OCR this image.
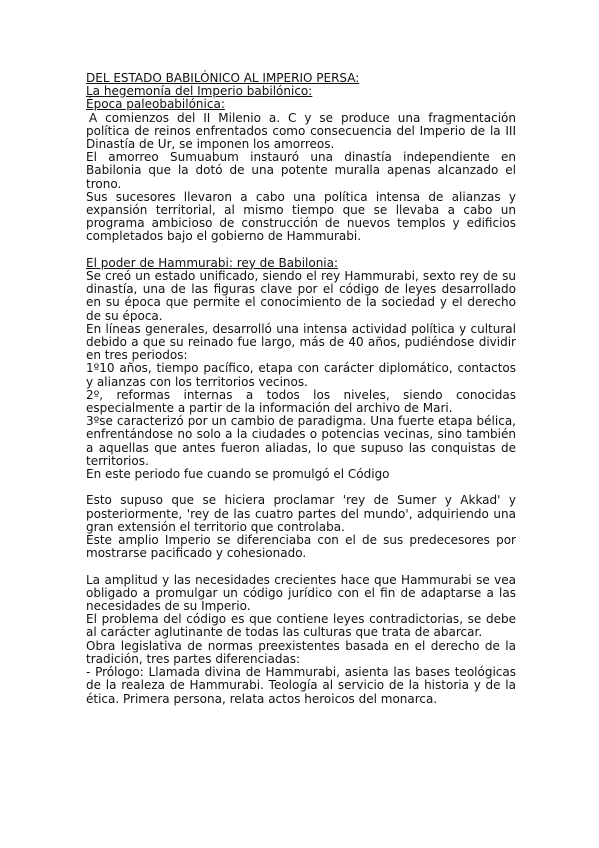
DEL ESTADO BABILÓNICO AL IMPERIO PERSA:
La hegemonía del Imperio babilónico:
Época paleobabilónica:

A comienzos del II Milenio a. C y se produce una fragmentación política de reinos enfrentados como consecuencia del Imperio de la III Dinastía de Ur, se imponen los amorreos.

El amorreo Sumuabum instauró una dinastía independiente en Babilonia que la dotó de una potente muralla apenas alcanzado el trono.

Sus sucesores llevaron a cabo una política intensa de alianzas y expansión territorial, al mismo tiempo que se llevaba a cabo un programa ambicioso de construcción de nuevos templos y edificios completados bajo el gobierno de Hammurabi.

El poder de Hammurabi: rey de Babilonia:

Se creó un estado unificado, siendo el rey Hammurabi, sexto rey de su dinastía, una de las figuras clave por el código de leyes desarrollado en su época que permite el conocimiento de la sociedad y el derecho de su época.

En líneas generales, desarrolló una intensa actividad política y cultural debido a que su reinado fue largo, más de 40 años, pudiéndose dividir en tres periodos:

1º10 años, tiempo pacífico, etapa con carácter diplomático, contactos y alianzas con los territorios vecinos.

2º, reformas internas a todos los niveles, siendo conocidas especialmente a partir de la información del archivo de Mari.

3ºse caracterizó por un cambio de paradigma. Una fuerte etapa bélica, enfrentándose no solo a la ciudades o potencias vecinas, sino también a aquellas que antes fueron aliadas, lo que supuso las conquistas de territorios.

En este periodo fue cuando se promulgó el Código

Esto supuso que se hiciera proclamar 'rey de Sumer y Akkad' y posteriormente, 'rey de las cuatro partes del mundo', adquiriendo una gran extensión el territorio que controlaba.

Este amplio Imperio se diferenciaba con el de sus predecesores por mostrarse pacificado y cohesionado.

La amplitud y las necesidades crecientes hace que Hammurabi se vea obligado a promulgar un código jurídico con el fin de adaptarse a las necesidades de su Imperio.

El problema del código es que contiene leyes contradictorias, se debe al carácter aglutinante de todas las culturas que trata de abarcar.

Obra legislativa de normas preexistentes basada en el derecho de la tradición, tres partes diferenciadas:

- Prólogo: Llamada divina de Hammurabi, asienta las bases teológicas de la realeza de Hammurabi. Teología al servicio de la historia y de la ética. Primera persona, relata actos heroicos del monarca.
